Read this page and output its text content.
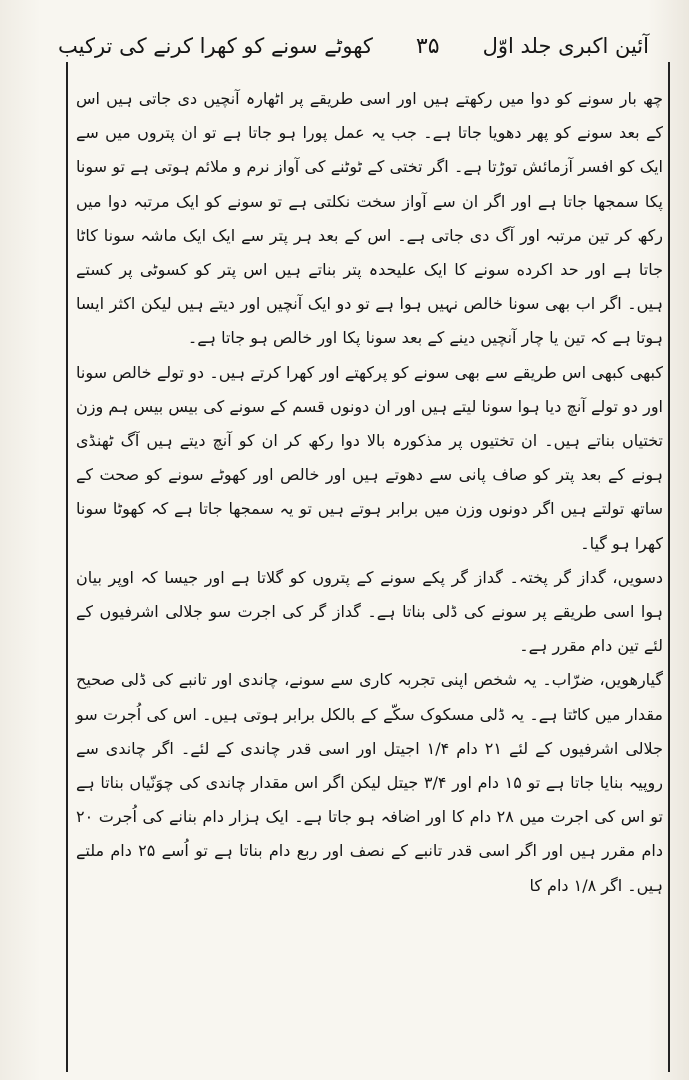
آئین اکبری جلد اوّل
۳۵
کھوٹے سونے کو کھرا کرنے کی ترکیب

چھ بار سونے کو دوا میں رکھتے ہیں اور اسی طریقے پر اٹھارہ آنچیں دی جاتی ہیں اس کے بعد سونے کو پھر دھویا جاتا ہے۔ جب یہ عمل پورا ہو جاتا ہے تو ان پتروں میں سے ایک کو افسر آزمائش توڑتا ہے۔ اگر تختی کے ٹوٹنے کی آواز نرم و ملائم ہوتی ہے تو سونا پکا سمجھا جاتا ہے اور اگر ان سے آواز سخت نکلتی ہے تو سونے کو ایک مرتبہ دوا میں رکھ کر تین مرتبہ اور آگ دی جاتی ہے۔ اس کے بعد ہر پتر سے ایک ایک ماشہ سونا کاٹا جاتا ہے اور حد اکرده سونے کا ایک علیحدہ پتر بناتے ہیں اس پتر کو کسوٹی پر کستے ہیں۔ اگر اب بھی سونا خالص نہیں ہوا ہے تو دو ایک آنچیں اور دیتے ہیں لیکن اکثر ایسا ہوتا ہے کہ تین یا چار آنچیں دینے کے بعد سونا پکا اور خالص ہو جاتا ہے۔

کبھی کبھی اس طریقے سے بھی سونے کو پرکھتے اور کھرا کرتے ہیں۔ دو تولے خالص سونا اور دو تولے آنچ دیا ہوا سونا لیتے ہیں اور ان دونوں قسم کے سونے کی بیس بیس ہم وزن تختیاں بناتے ہیں۔ ان تختیوں پر مذکورہ بالا دوا رکھ کر ان کو آنچ دیتے ہیں آگ ٹھنڈی ہونے کے بعد پتر کو صاف پانی سے دھوتے ہیں اور خالص اور کھوٹے سونے کو صحت کے ساتھ تولتے ہیں اگر دونوں وزن میں برابر ہوتے ہیں تو یہ سمجھا جاتا ہے کہ کھوٹا سونا کھرا ہو گیا۔

دسویں، گداز گر پختہ۔ گداز گر پکے سونے کے پتروں کو گلاتا ہے اور جیسا کہ اوپر بیان ہوا اسی طریقے پر سونے کی ڈلی بناتا ہے۔ گداز گر کی اجرت سو جلالی اشرفیوں کے لئے تین دام مقرر ہے۔

گیارھویں، ضرّاب۔ یہ شخص اپنی تجربہ کاری سے سونے، چاندی اور تانبے کی ڈلی صحیح مقدار میں کاٹتا ہے۔ یہ ڈلی مسکوک سکّے کے بالکل برابر ہوتی ہیں۔ اس کی اُجرت سو جلالی اشرفیوں کے لئے ۲۱ دام ۱/۴ اجیتل اور اسی قدر چاندی کے لئے۔ اگر چاندی سے روپیہ بنایا جاتا ہے تو ۱۵ دام اور ۳/۴ جیتل لیکن اگر اس مقدار چاندی کی چوَنّیاں بناتا ہے تو اس کی اجرت میں ۲۸ دام کا اور اضافہ ہو جاتا ہے۔ ایک ہزار دام بنانے کی اُجرت ۲۰ دام مقرر ہیں اور اگر اسی قدر تانبے کے نصف اور ربع دام بناتا ہے تو اُسے ۲۵ دام ملتے ہیں۔ اگر ۱/۸ دام کا
